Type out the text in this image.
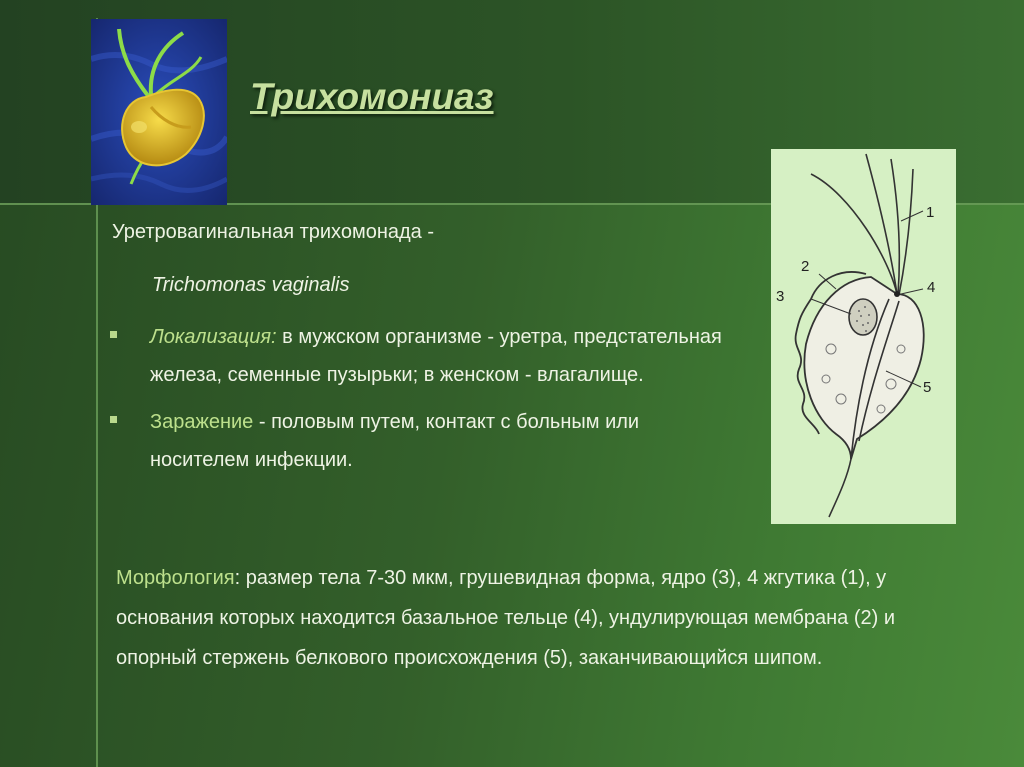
Трихомониаз
Уретровагинальная трихомонада -
Trichomonas vaginalis
Локализация: в мужском организме - уретра, предстательная железа, семенные пузырьки; в женском - влагалище.
Заражение - половым путем, контакт с больным или носителем инфекции.
1
2
3
4
5

Морфология: размер тела 7-30 мкм, грушевидная форма, ядро (3), 4 жгутика (1), у основания которых находится базальное тельце (4), ундулирующая мембрана (2) и опорный стержень белкового происхождения (5), заканчивающийся шипом.
